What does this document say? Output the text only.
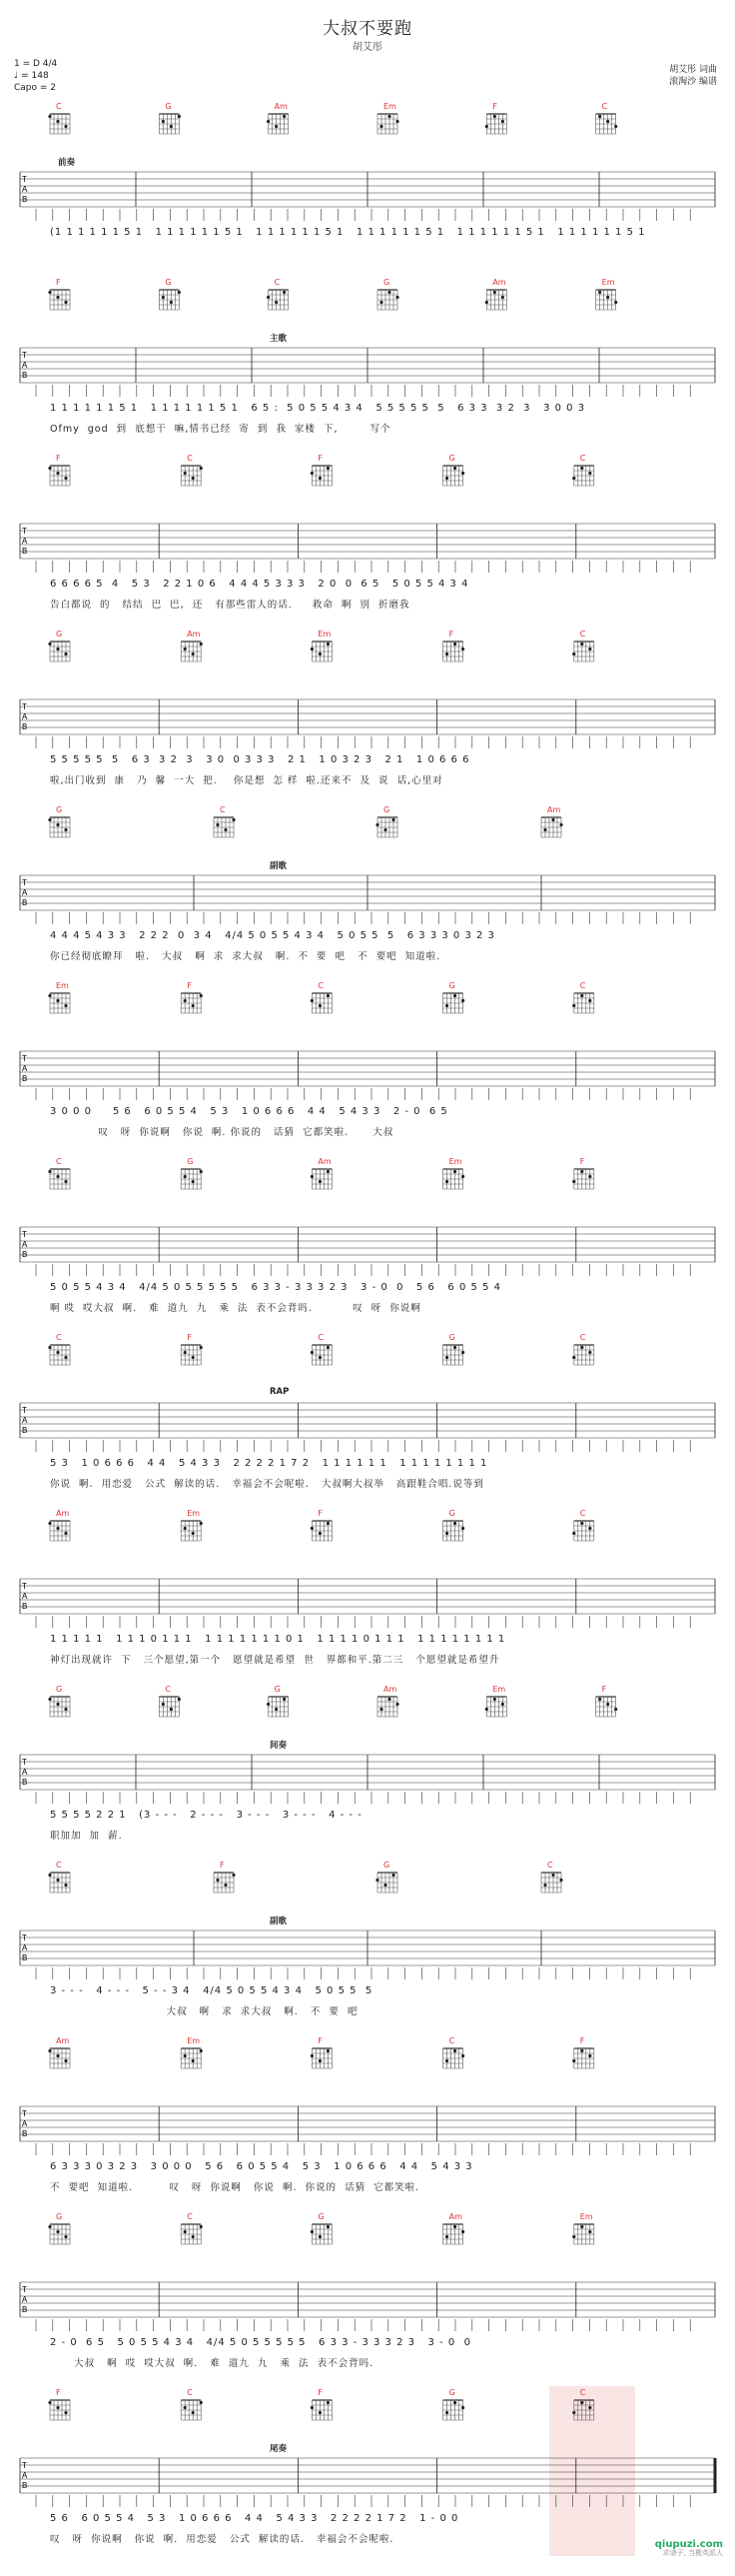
大叔不要跑
胡艾彤
1 = D 4/4
♩ = 148
Capo = 2
胡艾彤 词曲
滚淘沙 编谱
C	G	Am	Em	F	C
T
A
B
前奏
(1 1 1 1 1 1 5 1   1 1 1 1 1 1 5 1   1 1 1 1 1 1 5 1   1 1 1 1 1 1 5 1   1 1 1 1 1 1 5 1   1 1 1 1 1 1 5 1
F	G	C	G	Am	Em
T
A
B
主歌
1 1 1 1 1 1 5 1   1 1 1 1 1 1 5 1   6 5 :  5 0 5 5 4 3 4   5 5 5 5 5  5   6 3 3  3 2  3   3 0 0 3
Ofmy  god  到  底想干  嘛,情书已经  寄  到  我  家楼  下,        写个
F	C	F	G	C
T
A
B
6 6 6 6 5  4   5 3   2 2 1 0 6   4 4 4 5 3 3 3   2 0  0  6 5   5 0 5 5 4 3 4
告白都说  的   结结  巴  巴,  还   有那些雷人的话.     救命  啊  别  折磨我
G	Am	Em	F	C
T
A
B
5 5 5 5 5  5   6 3  3 2  3   3 0  0 3 3 3   2 1   1 0 3 2 3   2 1   1 0 6 6 6
啦,出门收到  康   乃  馨  一大  把.    你是想  怎 样  啦.还来不  及  说  话,心里对
G	C	G	Am
T
A
B
副歌
4 4 4 5 4 3 3   2 2 2  0  3 4   4/4 5 0 5 5 4 3 4   5 0 5 5  5   6 3 3 3 0 3 2 3
你已经彻底瞭拜   啦.   大叔   啊  求  求大叔   啊.  不  要  吧   不  要吧  知道啦.
Em	F	C	G	C
T
A
B
3 0 0 0     5 6   6 0 5 5 4   5 3   1 0 6 6 6   4 4   5 4 3 3   2 - 0  6 5
叹   呀  你说啊   你说  啊. 你说的   话猜  它都笑啦.      大叔
C	G	Am	Em	F
T
A
B
5 0 5 5 4 3 4   4/4 5 0 5 5 5 5 5   6 3 3 - 3 3 3 2 3   3 - 0  0   5 6   6 0 5 5 4
啊 哎  哎大叔  啊.   难  道九  九   乘  法  表不会背吗.          叹  呀  你说啊
C	F	C	G	C
T
A
B
RAP
5 3   1 0 6 6 6   4 4   5 4 3 3   2 2 2 2 1 7 2   1 1 1 1 1 1   1 1 1 1 1 1 1 1
你说  啊.  用恋爱   公式  解读的话.   幸福会不会呢啦.   大叔啊大叔举   高跟鞋合唱.说等到
Am	Em	F	G	C
T
A
B
1 1 1 1 1   1 1 1 0 1 1 1   1 1 1 1 1 1 1 0 1   1 1 1 1 0 1 1 1   1 1 1 1 1 1 1 1
神灯出现就许  下   三个愿望,第一个   愿望就是希望  世   界都和平.第二三   个愿望就是希望升
G	C	G	Am	Em	F
T
A
B
间奏
5 5 5 5 2 2 1   (3 - - -   2 - - -   3 - - -   3 - - -   4 - - -
职加加  加  薪.
C	F	G	C
T
A
B
副歌
3 - - -   4 - - -   5 - - 3 4   4/4 5 0 5 5 4 3 4   5 0 5 5  5
大叔   啊   求  求大叔   啊.   不  要  吧
Am	Em	F	C	F
T
A
B
6 3 3 3 0 3 2 3   3 0 0 0   5 6   6 0 5 5 4   5 3   1 0 6 6 6   4 4   5 4 3 3
不  要吧  知道啦.         叹   呀  你说啊   你说  啊.  你说的  话猜  它都笑啦.
G	C	G	Am	Em
T
A
B
2 - 0  6 5   5 0 5 5 4 3 4   4/4 5 0 5 5 5 5 5   6 3 3 - 3 3 3 2 3   3 - 0  0
大叔   啊  哎  哎大叔  啊.   难  道九  九   乘  法  表不会背吗.
F	C	F	G	C
T
A
B
尾奏
5 6   6 0 5 5 4   5 3   1 0 6 6 6   4 4   5 4 3 3   2 2 2 2 1 7 2   1 - 0 0
叹   呀  你说啊   你说  啊.  用恋爱   公式  解读的话.   幸福会不会呢啦.	qiupuzi.com
求谱子, 当搬英派人
